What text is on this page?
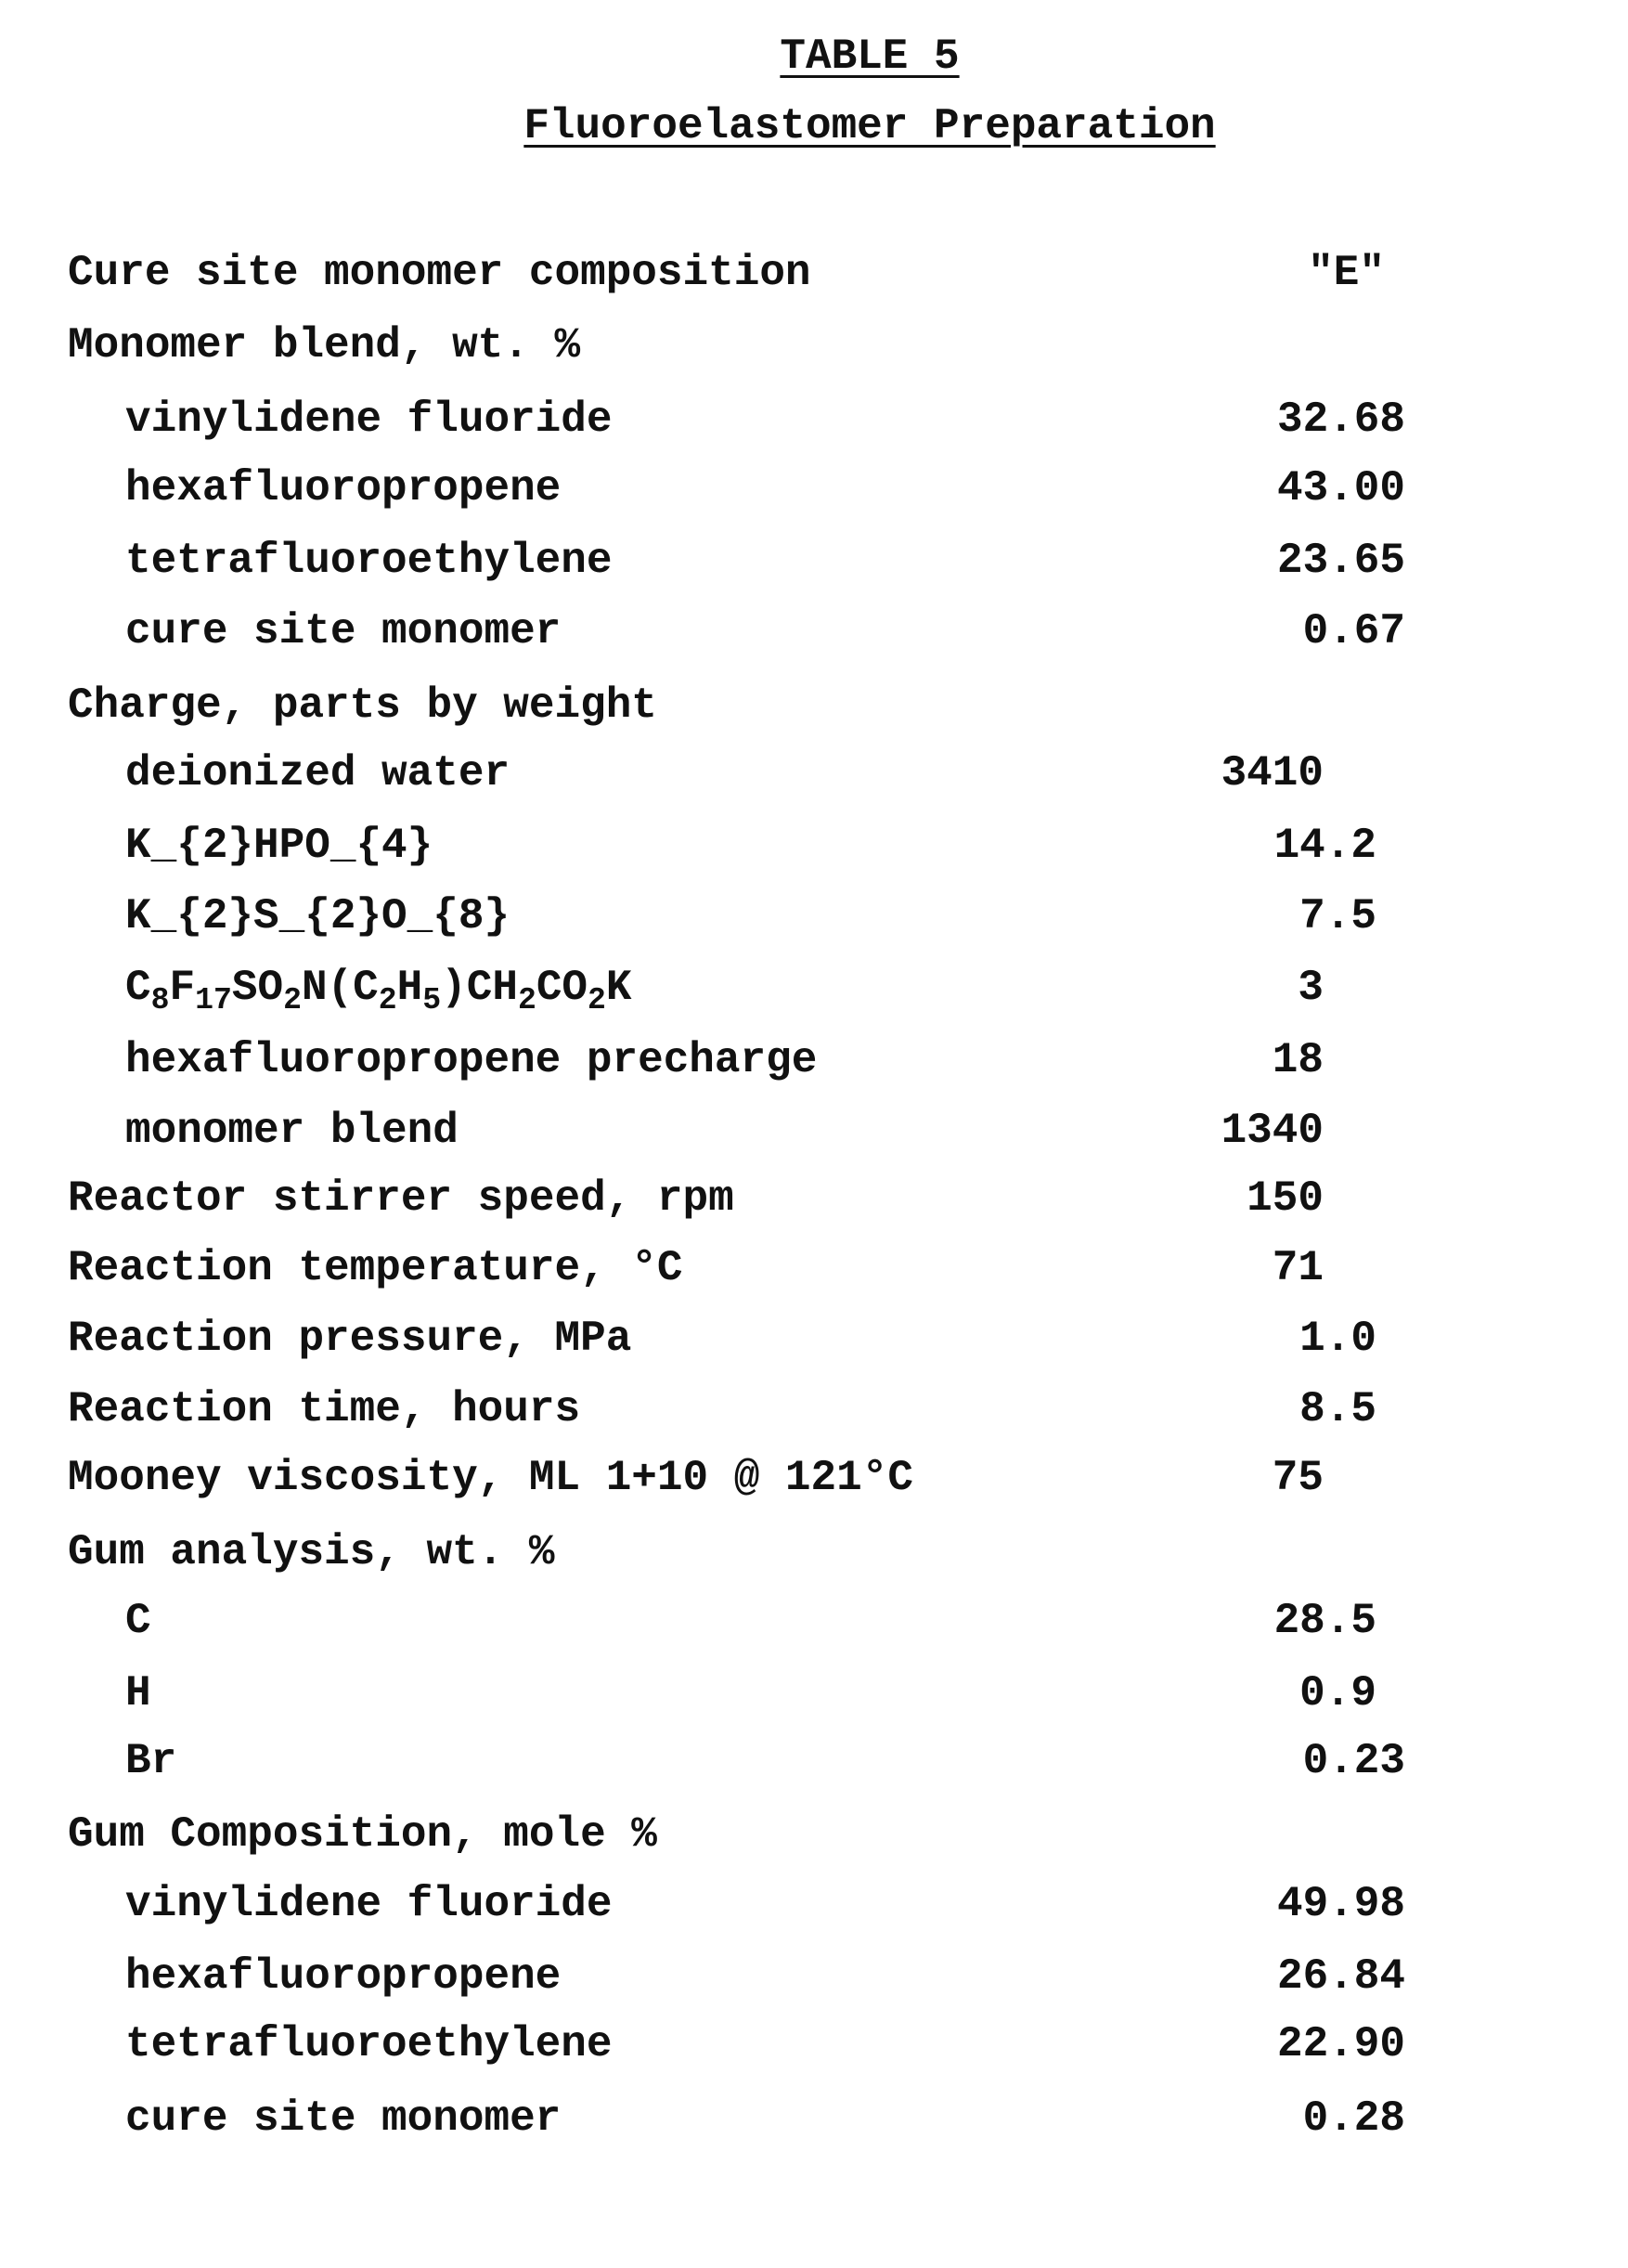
TABLE 5
Fluoroelastomer Preparation
Cure site monomer composition	"E"
Monomer blend, wt. %
vinylidene fluoride	32.68
hexafluoropropene	43.00
tetrafluoroethylene	23.65
cure site monomer	0.67
Charge, parts by weight
deionized water	3410
K_{2}HPO_{4}	14.2
K_{2}S_{2}O_{8}	7.5
C8F17SO2N(C2H5)CH2CO2K	3
hexafluoropropene precharge	18
monomer blend	1340
Reactor stirrer speed, rpm	150
Reaction temperature, °C	71
Reaction pressure, MPa	1.0
Reaction time, hours	8.5
Mooney viscosity, ML 1+10 @ 121°C	75
Gum analysis, wt. %
C	28.5
H	0.9
Br	0.23
Gum Composition, mole %
vinylidene fluoride	49.98
hexafluoropropene	26.84
tetrafluoroethylene	22.90
cure site monomer	0.28
